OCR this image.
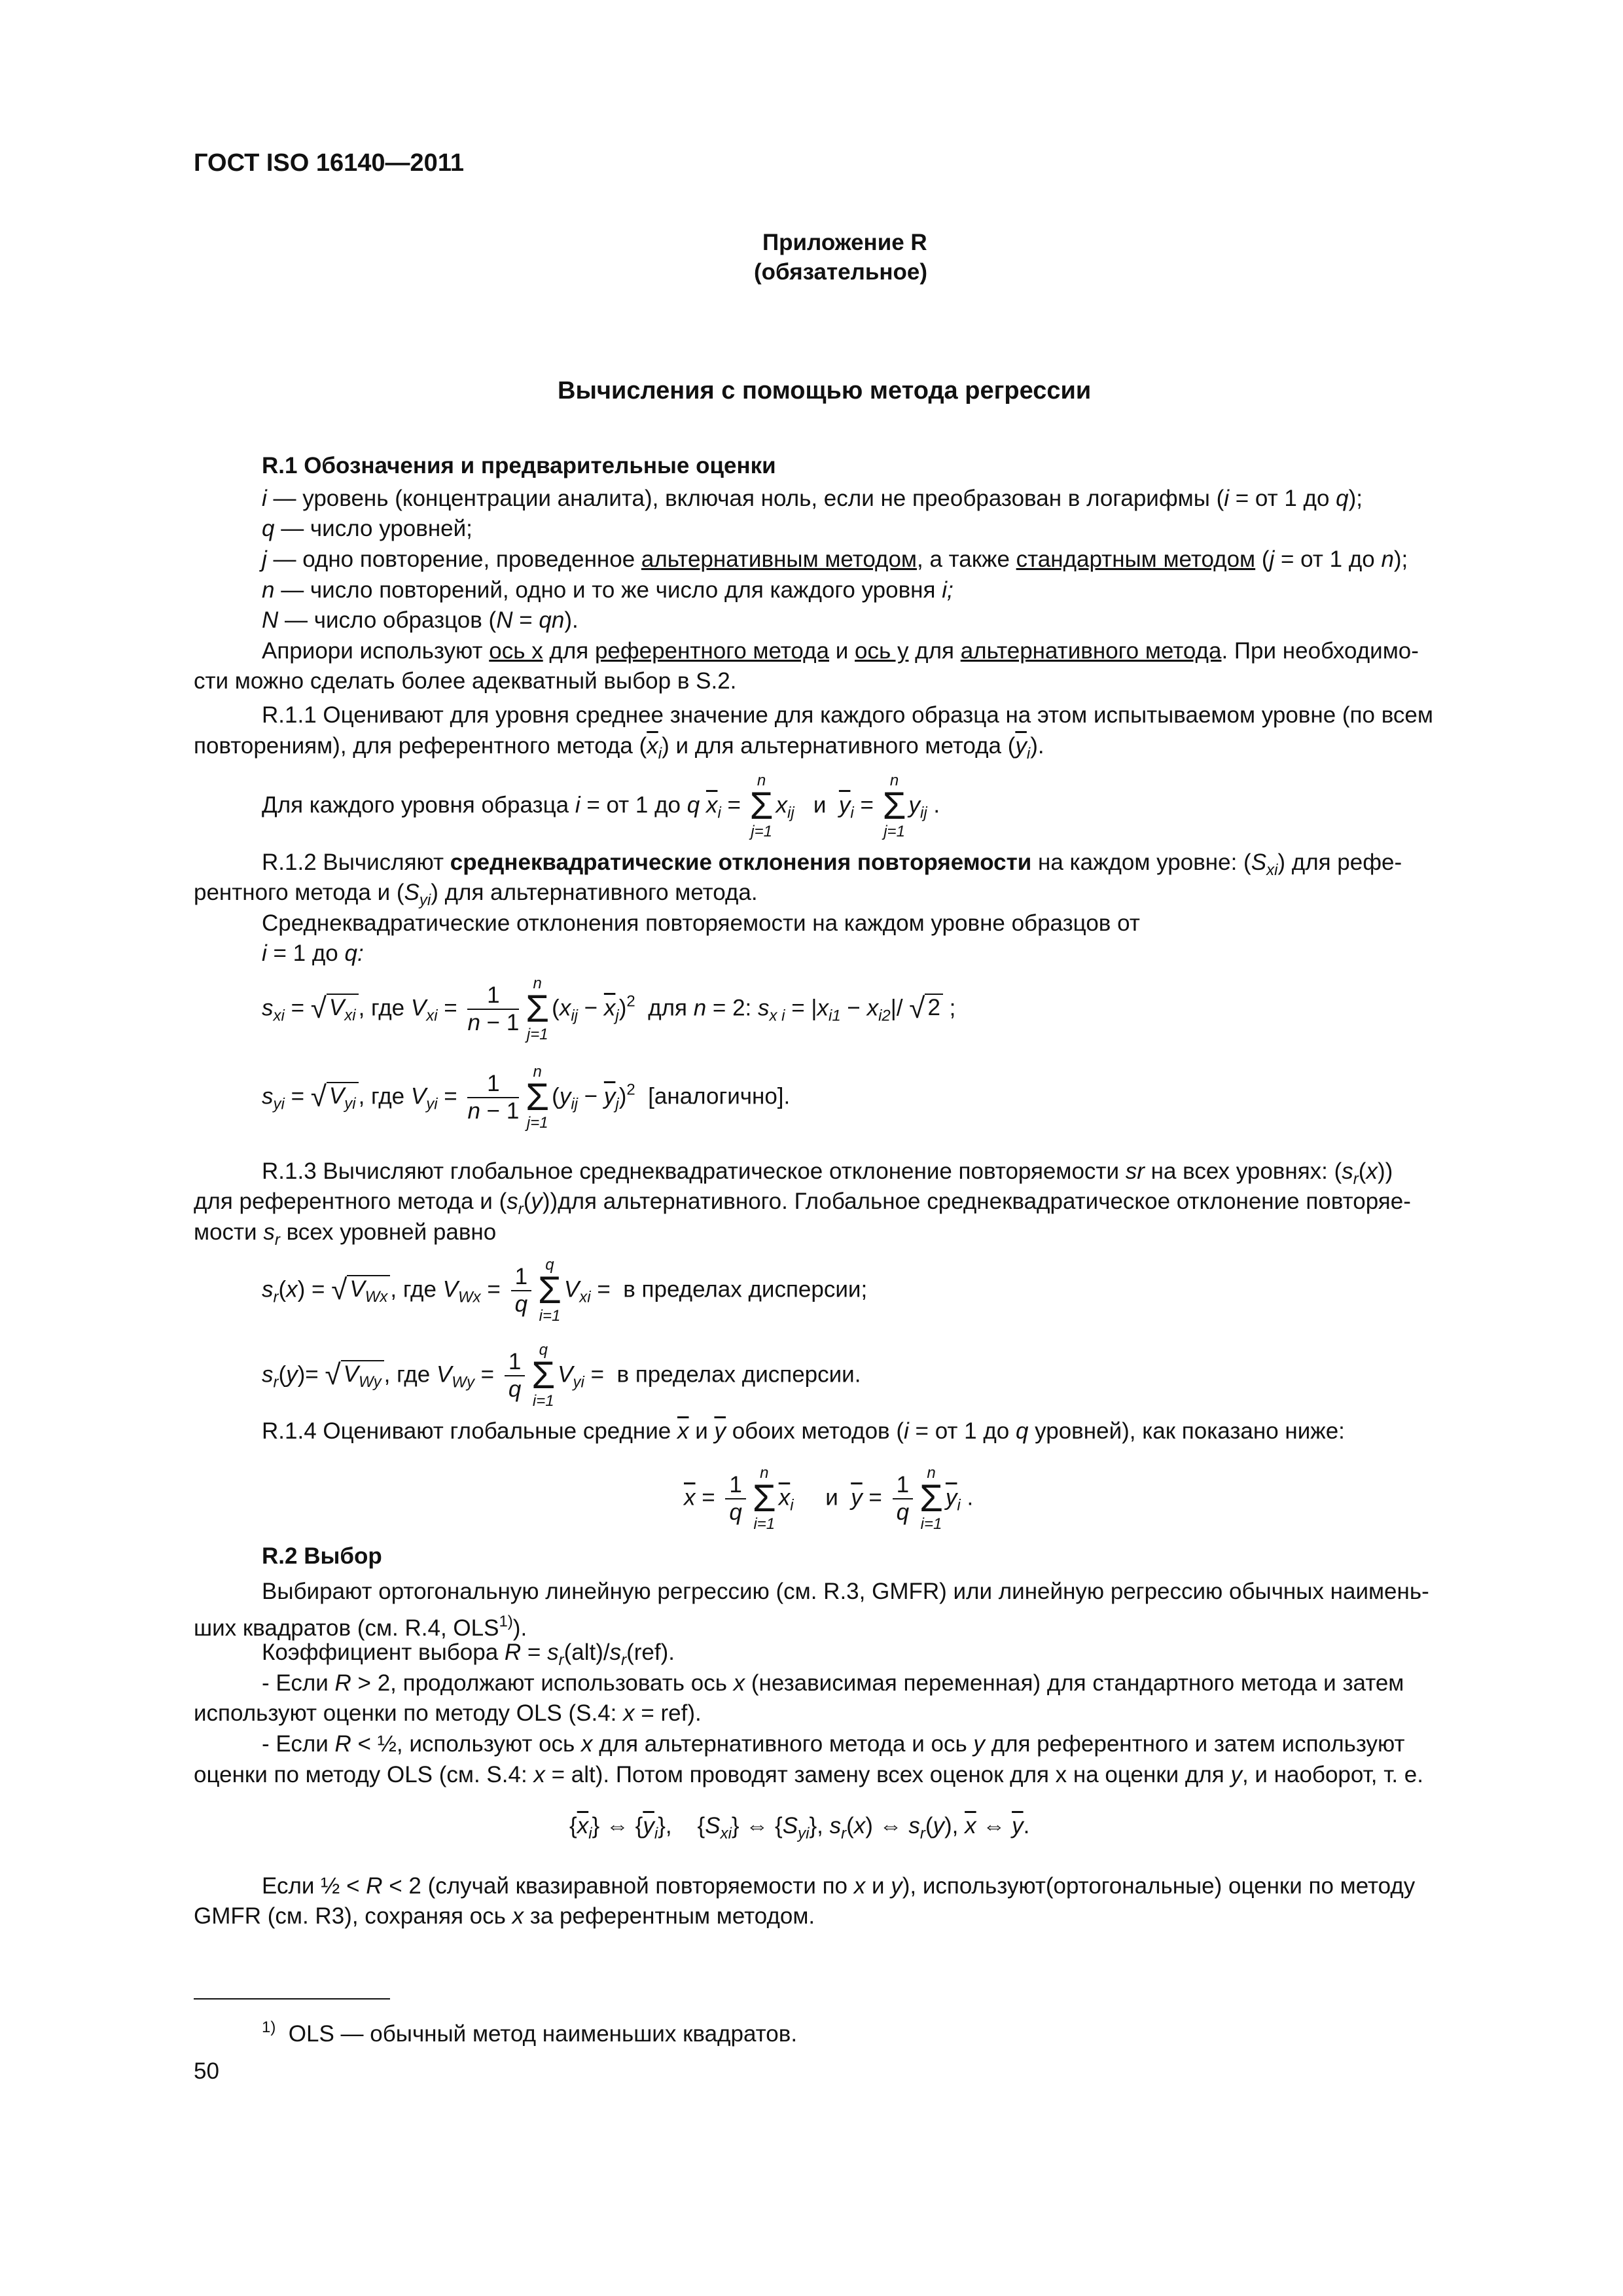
ГОСТ ISO 16140—2011
Приложение R
(обязательное)
Вычисления с помощью метода регрессии
R.1 Обозначения и предварительные оценки
i — уровень (концентрации аналита), включая ноль, если не преобразован в логарифмы (i = от 1 до q);
q — число уровней;
j — одно повторение, проведенное альтернативным методом, а также стандартным методом (j = от 1 до n);
n — число повторений, одно и то же число для каждого уровня i;
N — число образцов (N = qn).
Априори используют ось х для референтного метода и ось у для альтернативного метода. При необходимо-
сти можно сделать более адекватный выбор в S.2.
R.1.1 Оценивают для уровня среднее значение для каждого образца на этом испытываемом уровне (по всем
повторениям), для референтного метода $(\overline{x}_i)$ и для альтернативного метода $(\overline{y}_i)$.
Для каждого уровня образца i = от 1 до q $\overline{x}_i$ =
n
Σ
j=1
$x_{ij}$ и $\overline{y}_i$ =
n
Σ
j=1
$y_{ij}$ .
R.1.2 Вычисляют среднеквадратические отклонения повторяемости на каждом уровне: $(S_{xi})$ для рефе-
рентного метода и $(S_{yi})$ для альтернативного метода.
Среднеквадратические отклонения повторяемости на каждом уровне образцов от
i = 1 до q:
$s_{xi}$ = √ $V_{xi}$ , где $V_{xi} = \frac{1}{n - 1}$ n
Σ
j=1
$(x_{ij} - \overline{x}_j)^2$ для n = 2: $s_{x i} = |x_{i1} - x_{i2}|/$ √ 2 ;
$s_{yi}$ = √ $V_{yi}$ , где $V_{yi} = \frac{1}{n - 1}$ n
Σ
j=1
$(y_{ij} - \overline{y}_j)^2$ [аналогично].
R.1.3 Вычисляют глобальное среднеквадратическое отклонение повторяемости sr на всех уровнях: $(s_r(x))$
для референтного метода и $(s_r(y))для$ альтернативного. Глобальное среднеквадратическое отклонение повторяе-
мости $s_r$ всех уровней равно
$s_r(x)$ = √ $V_{Wx}$ , где $V_{Wx} = \frac{1}{q}$ q
Σ
i=1
$V_{xi} = в$ пределах дисперсии;
$s_r(y)=$ √ $V_{Wy}$ , где $V_{Wy} = \frac{1}{q}$ q
Σ
i=1
$V_{yi} = в$ пределах дисперсии.
R.1.4 Оценивают глобальные средние $\overline{x}$ и $\overline{y}$ обоих методов (i = от 1 до q уровней), как показано ниже:
$\overline{x} = \frac{1}{q}$ n
Σ
i=1
$\overline{x}_i$ и $\overline{y} = \frac{1}{q}$ n
Σ
i=1
$\overline{y}_i$ .
R.2 Выбор
Выбирают ортогональную линейную регрессию (см. R.3, GMFR) или линейную регрессию обычных наимень-
ших квадратов (см. R.4, OLS$^{1)}$).
Коэффициент выбора $R = s_r(alt)/s_r(ref)$.
- Если R > 2, продолжают использовать ось x (независимая переменная) для стандартного метода и затем
используют оценки по методу OLS (S.4: x = ref).
- Если R < ½, используют ось x для альтернативного метода и ось y для референтного и затем используют
оценки по методу OLS (см. S.4: x = alt). Потом проводят замену всех оценок для x на оценки для y, и наоборот, т. е.
$\{\overline{x}_i\}$ ⇔ $\{\overline{y}_i\}$,    $\{S_{xi}\}$ ⇔ $\{S_{yi}\}$, $s_r(x)$ ⇔ $s_r(y)$, $\overline{x}$ ⇔ $\overline{y}$.
Если ½ < R < 2 (случай квазиравной повторяемости по x и y), используют(ортогональные) оценки по методу
GMFR (см. R3), сохраняя ось x за референтным методом.
$^{1)}$ OLS — обычный метод наименьших квадратов.
50
